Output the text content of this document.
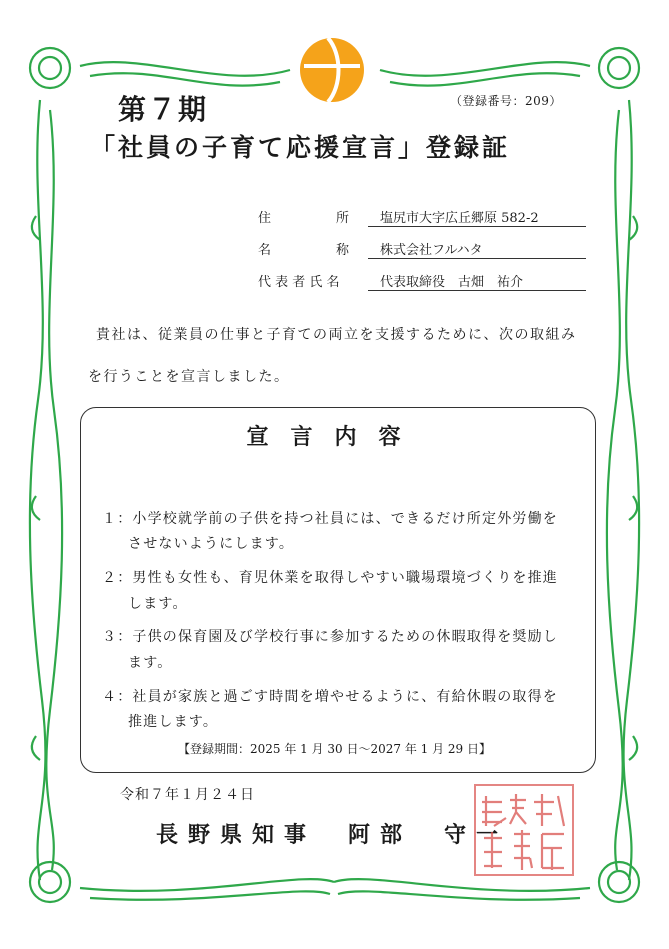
（登録番号：209）
第７期
「社員の子育て応援宣言」登録証
住　　　　　所 塩尻市大字広丘郷原 582-2
名　　　　　称 株式会社フルハタ
代 表 者 氏 名	代表取締役　古畑　祐介
貴社は、従業員の仕事と子育ての両立を支援するために、次の取組み
を行うことを宣言しました。
宣言内容
１：小学校就学前の子供を持つ社員には、できるだけ所定外労働を
させないようにします。
２：男性も女性も、育児休業を取得しやすい職場環境づくりを推進
します。
３：子供の保育園及び学校行事に参加するための休暇取得を奨励し
ます。
４：社員が家族と過ごす時間を増やせるように、有給休暇の取得を
推進します。
【登録期間：2025 年 1 月 30 日～2027 年 1 月 29 日】
令和７年１月２４日
長野県知事　阿部　守一
